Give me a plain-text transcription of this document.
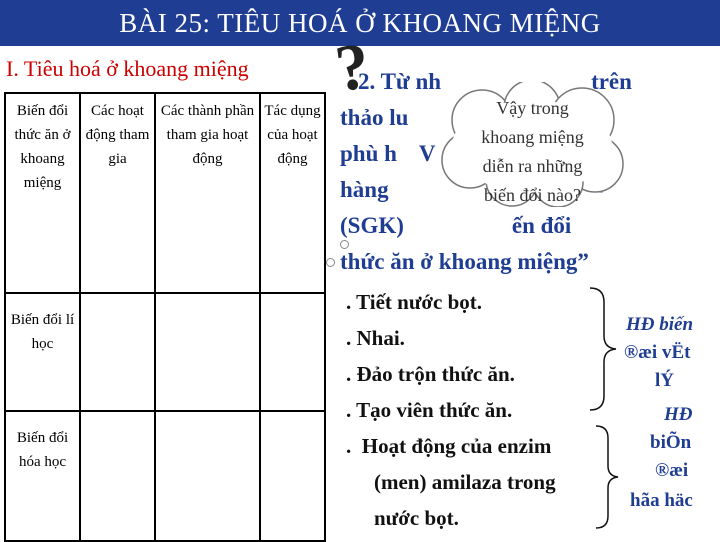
BÀI 25: TIÊU HOÁ Ở KHOANG MIỆNG
I. Tiêu hoá ở khoang miệng ?
Biến đổi thức ăn ở khoang miệng	Các hoạt động tham gia	Các thành phần tham gia hoạt động	Tác dụng của hoạt động
Biến đổi lí học			
Biến đổi hóa học			

2. Từ nh	trên

thảo lu

phù h V

hàng

(SGK)	ến đổi

thức ăn ở khoang miệng”

Vậy trong
khoang miệng
diễn ra những
biến đổi nào?
. Tiết nước bọt.
. Nhai.
. Đảo trộn thức ăn.
. Tạo viên thức ăn.
. Hoạt động của enzim
(men) amilaza trong
nước bọt.
HĐ biến
®æi vËt
lÝ
HĐ
biÕn
®æi
hãa häc
